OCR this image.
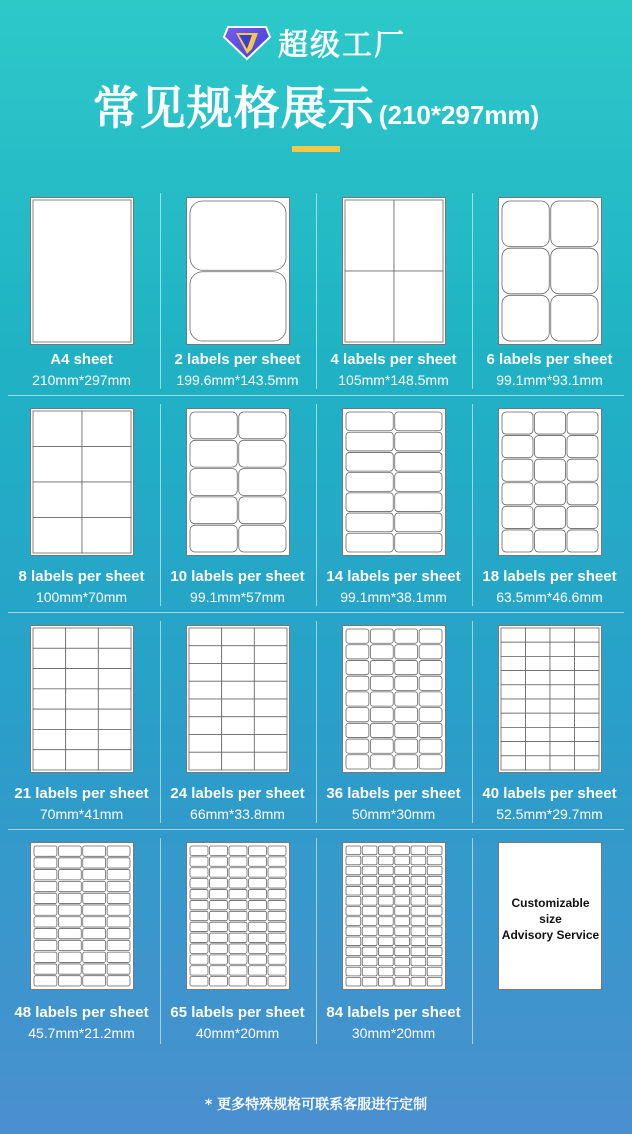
超级工厂
常见规格展示 (210*297mm)
A4 sheet
210mm*297mm
2 labels per sheet
199.6mm*143.5mm
4 labels per sheet
105mm*148.5mm
6 labels per sheet
99.1mm*93.1mm
8 labels per sheet
100mm*70mm
10 labels per sheet
99.1mm*57mm
14 labels per sheet
99.1mm*38.1mm
18 labels per sheet
63.5mm*46.6mm
21 labels per sheet
70mm*41mm
24 labels per sheet
66mm*33.8mm
36 labels per sheet
50mm*30mm
40 labels per sheet
52.5mm*29.7mm
48 labels per sheet
45.7mm*21.2mm
65 labels per sheet
40mm*20mm
84 labels per sheet
30mm*20mm
Customizable size
Advisory Service
* 更多特殊规格可联系客服进行定制
